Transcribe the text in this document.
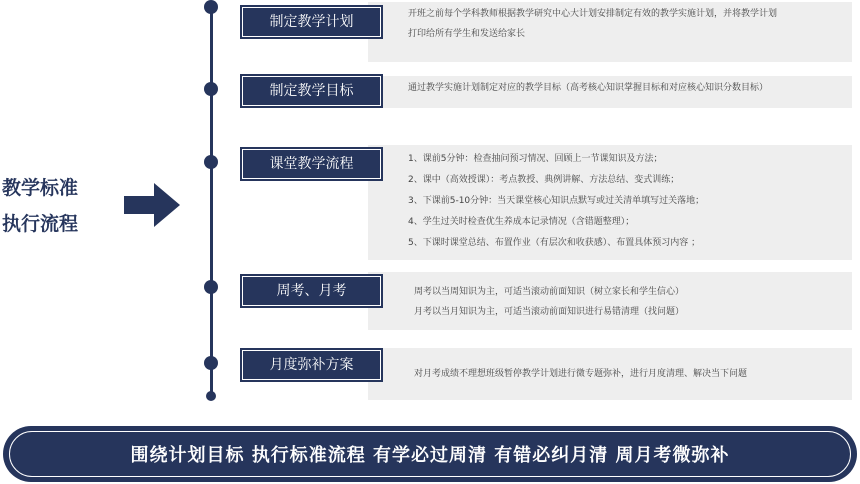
教学标准
执行流程
开班之前每个学科教师根据教学研究中心大计划安排制定有效的教学实施计划，并将教学计划
打印给所有学生和发送给家长
制定教学计划
通过教学实施计划制定对应的教学目标（高考核心知识掌握目标和对应核心知识分数目标）
制定教学目标
1、课前5分钟：检查抽问预习情况、回顾上一节课知识及方法；
2、课中（高效授课）：考点教授、典例讲解、方法总结、变式训练；
3、下课前5-10分钟：当天课堂核心知识点默写或过关清单填写过关落地；
4、学生过关时检查优生养成本记录情况（含错题整理）；
5、下课时课堂总结、布置作业（有层次和收获感）、布置具体预习内容 ；
课堂教学流程
周考以当周知识为主，可适当滚动前面知识（树立家长和学生信心）
月考以当月知识为主，可适当滚动前面知识进行易错清理（找问题）
周考、月考
对月考成绩不理想班级暂停教学计划进行微专题弥补，进行月度清理、解决当下问题
月度弥补方案
围绕计划目标 执行标准流程 有学必过周清 有错必纠月清 周月考微弥补
